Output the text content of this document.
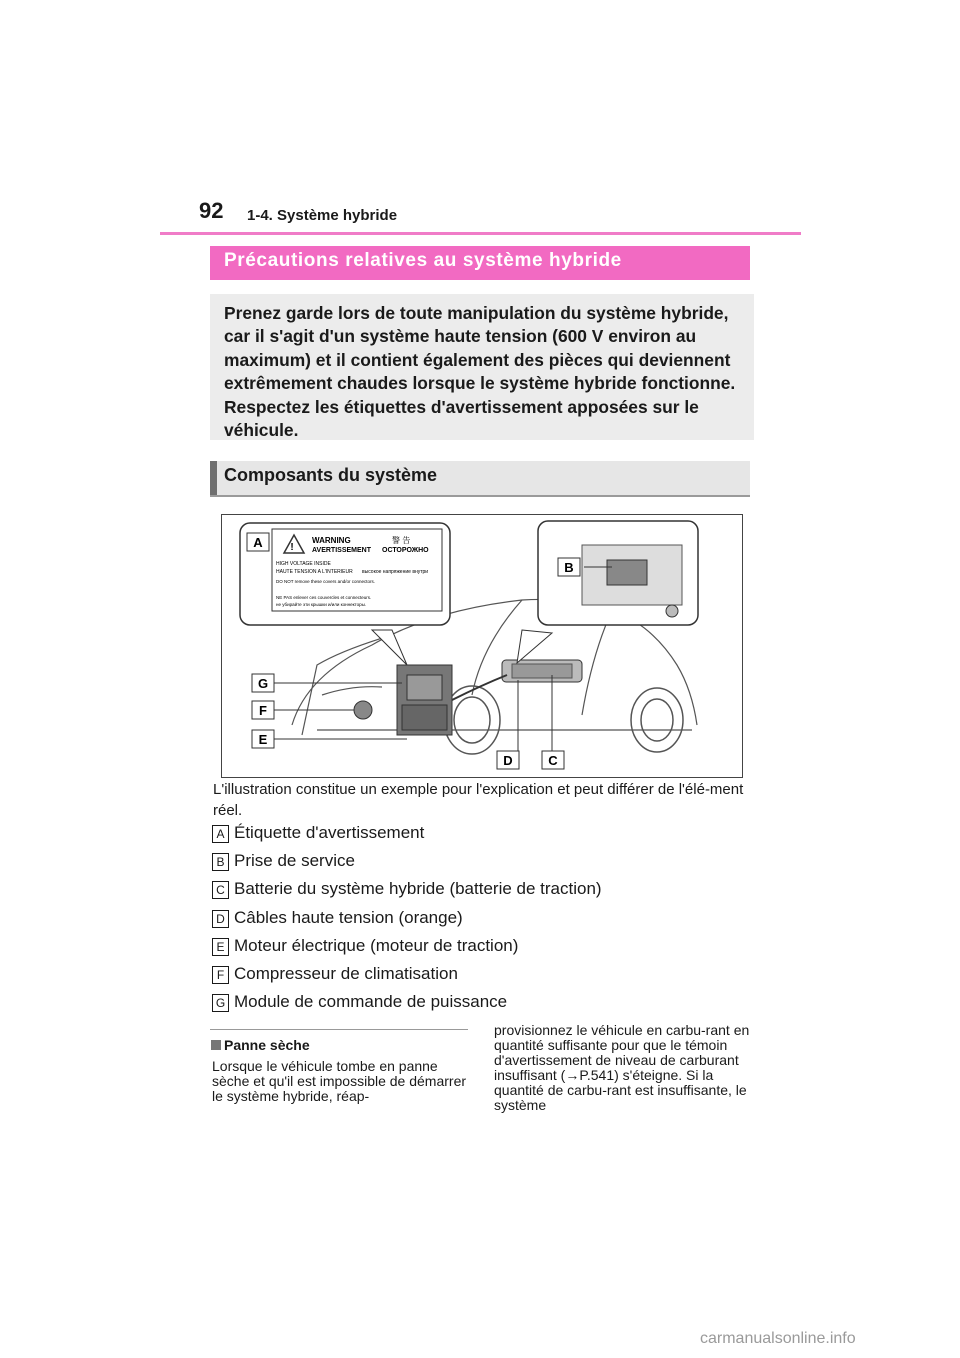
92 1-4. Système hybride
Précautions relatives au système hybride

Prenez garde lors de toute manipulation du système hybride, car il s'agit d'un système haute tension (600 V environ au maximum) et il contient également des pièces qui deviennent extrêmement chaudes lorsque le système hybride fonctionne. Respectez les étiquettes d'avertissement apposées sur le véhicule.

Composants du système
!
WARNING	警 告
AVERTISSEMENT ОСТОРОЖНО
HIGH VOLTAGE INSIDE
HAUTE TENSION A L'INTERIEUR высокое напряжение внутри
DO NOT remove these covers and/or connectors.
NE PAS enlever ces couvercles et connecteurs.
не убирайте эти крышки и/или коннекторы.
A
B
G
F
E
D	C
L'illustration constitue un exemple pour l'explication et peut différer de l'élé-ment réel.
A Étiquette d'avertissement
B Prise de service
C Batterie du système hybride (batterie de traction)
D Câbles haute tension (orange)
E Moteur électrique (moteur de traction)
F Compresseur de climatisation
G Module de commande de puissance
Panne sèche

Lorsque le véhicule tombe en panne sèche et qu'il est impossible de démarrer le système hybride, réap-

provisionnez le véhicule en carbu-rant en quantité suffisante pour que le témoin d'avertissement de niveau de carburant insuffisant (→P.541) s'éteigne. Si la quantité de carbu-rant est insuffisante, le système

carmanualsonline.info
